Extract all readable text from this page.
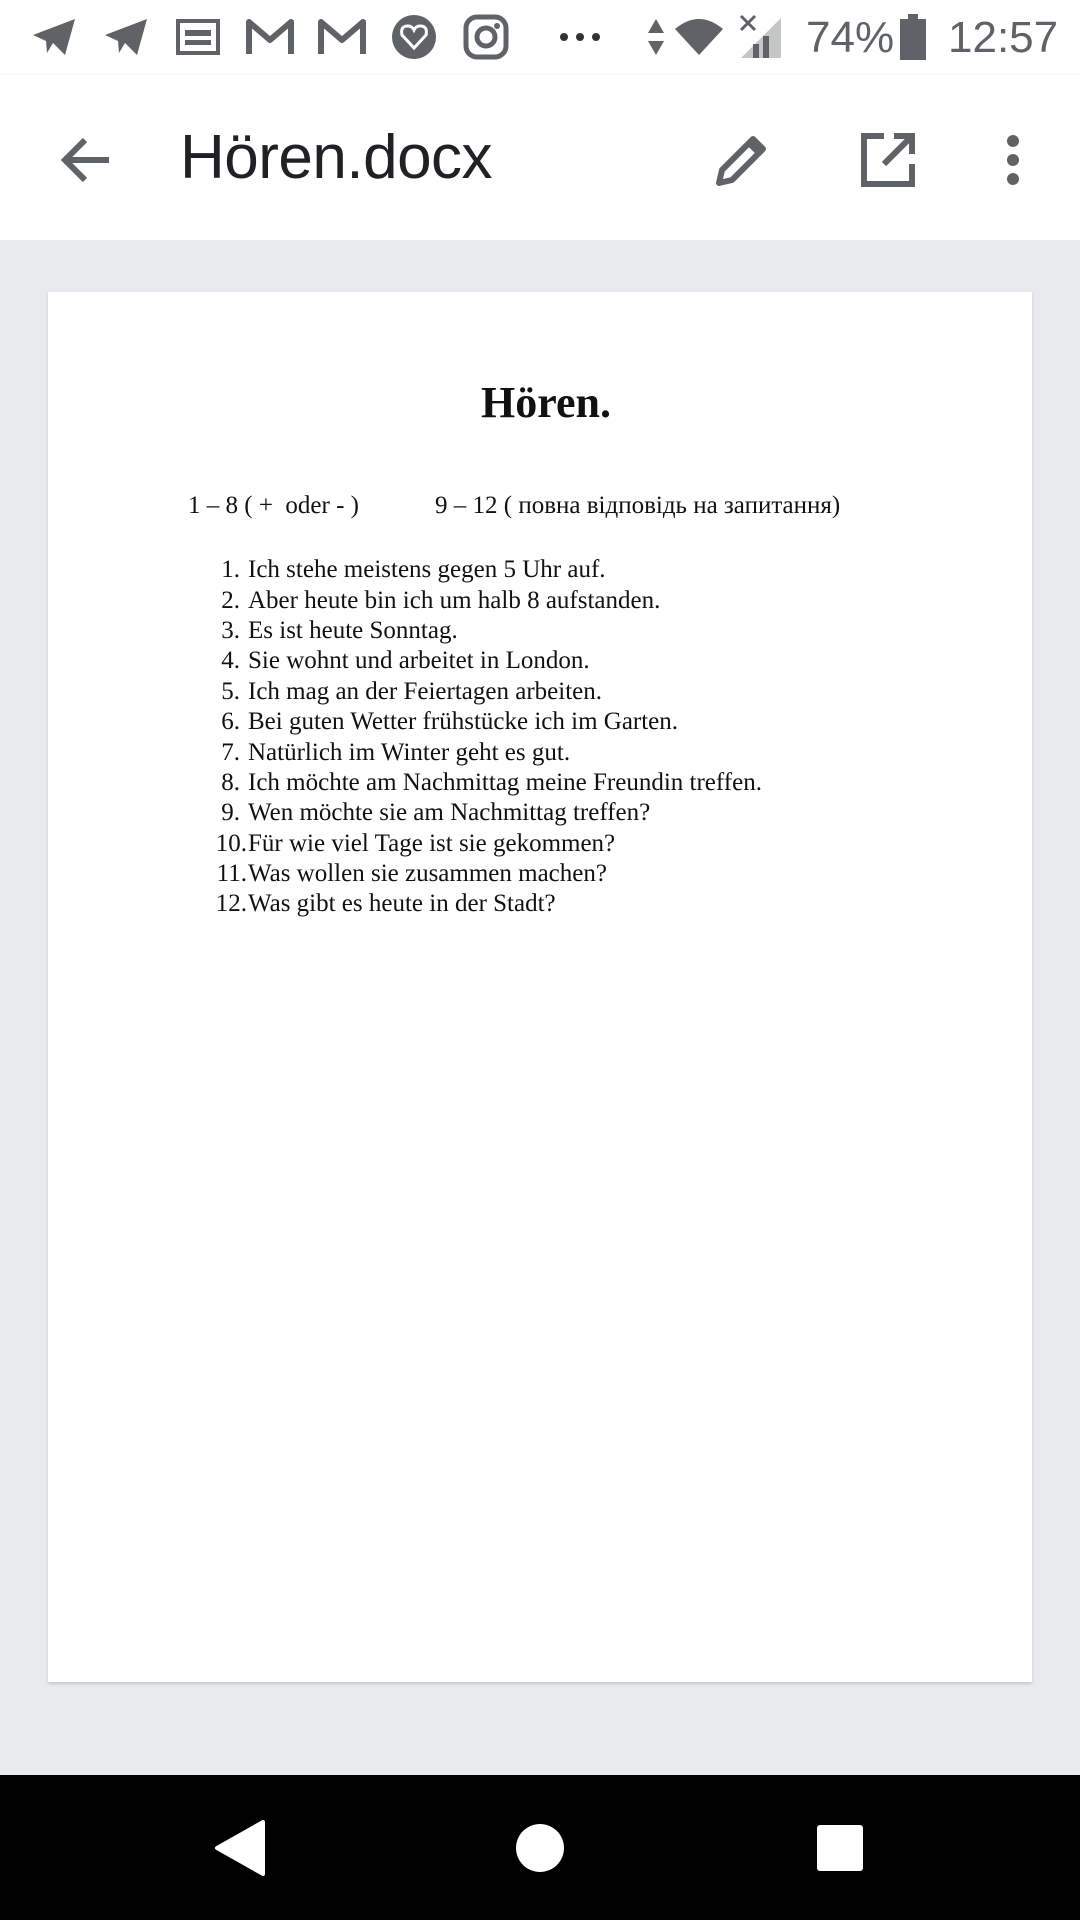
74% 12:57
Hören.docx
Hören.
1 – 8 ( +  oder - )	9 – 12 ( повна відповідь на запитання)
1. Ich stehe meistens gegen 5 Uhr auf.
2. Aber heute bin ich um halb 8 aufstanden.
3. Es ist heute Sonntag.
4. Sie wohnt und arbeitet in London.
5. Ich mag an der Feiertagen arbeiten.
6. Bei guten Wetter frühstücke ich im Garten.
7. Natürlich im Winter geht es gut.
8. Ich möchte am Nachmittag meine Freundin treffen.
9. Wen möchte sie am Nachmittag treffen?
10. Für wie viel Tage ist sie gekommen?
11. Was wollen sie zusammen machen?
12. Was gibt es heute in der Stadt?
